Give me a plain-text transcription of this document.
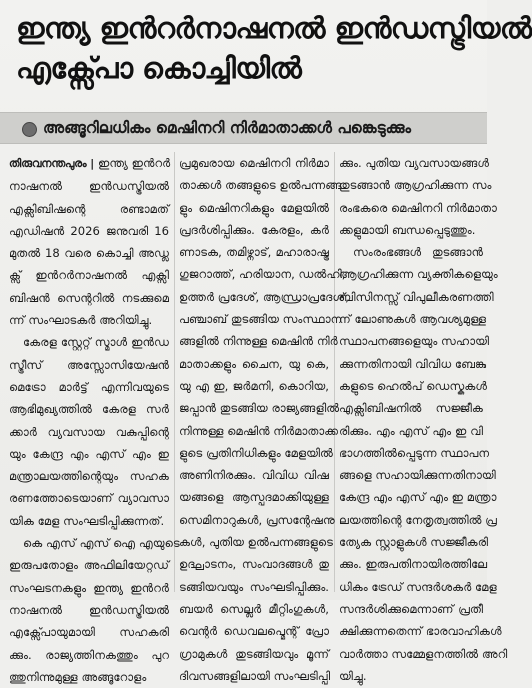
ഇന്ത്യ ഇൻറർനാഷനൽ ഇൻഡസ്ട്രിയൽ
എക്സ്പോ കൊച്ചിയിൽ
അങ്ങൂറിലധികം മെഷിനറി നിർമാതാക്കൾ പങ്കെടുക്കും
തിരുവനന്തപുരം | ഇന്ത്യ ഇൻറർ
നാഷനൽ ഇൻഡസ്ട്രിയൽ
എക്സിബിഷന്റെ രണ്ടാമത്
എഡിഷൻ 2026 ജനുവരി 16
മുതൽ 18 വരെ കൊച്ചി അഡ്ല
ക്സ് ഇൻറർനാഷനൽ എക്സി
ബിഷൻ സെന്ററിൽ നടക്കുമെ
ന്ന് സംഘാടകർ അറിയിച്ചു.
കേരള സ്റ്റേറ്റ് സ്മാൾ ഇൻഡ
സ്ട്രീസ് അസ്സോസിയേഷൻ
മെട്രോ മാർട്ട് എന്നിവയുടെ
ആഭിമുഖ്യത്തിൽ കേരള സർ
ക്കാർ വ്യവസായ വകുപ്പിന്റെ
യും കേന്ദ്ര എം എസ് എം ഇ
മന്ത്രാലയത്തിന്റെയും സഹക
രണത്തോടെയാണ് വ്യാവസാ
യിക മേള സംഘടിപ്പിക്കുന്നത്.
കെ എസ് എസ് ഐ എയുടെ
ഇരുപതോളം അഫിലിയേറ്റഡ്
സംഘടനകളും ഇന്ത്യ ഇൻറർ
നാഷനൽ ഇൻഡസ്ട്രിയൽ
എക്സ്പോയുമായി സഹകരി
ക്കും. രാജ്യത്തിനകത്തും പുറ
ത്തുനിന്നുമുള്ള അങ്ങൂറോളം
പ്രമുഖരായ മെഷിനറി നിർമാ
താക്കൾ തങ്ങളുടെ ഉൽപന്നങ്ങ
ളും മെഷിനറികളും മേളയിൽ
പ്രദർശിപ്പിക്കും. കേരളം, കർ
ണാടക, തമിഴ്നാട്, മഹാരാഷ്ട്ര
ഗുജറാത്ത്, ഹരിയാന, ഡൽഹി,
ഉത്തർ പ്രദേശ്, ആന്ധ്രാപ്രദേശ്,
പഞ്ചാബ് തുടങ്ങിയ സംസ്ഥാന
ങ്ങളിൽ നിന്നുള്ള മെഷിൻ നിർ
മാതാക്കളും ചൈന, യു കെ,
യു എ ഇ, ജർമനി, കൊറിയ,
ജപ്പാൻ തുടങ്ങിയ രാജ്യങ്ങളിൽ
നിന്നുള്ള മെഷിൻ നിർമാതാക്ക
ളുടെ പ്രതിനിധികളും മേളയിൽ
അണിനിരക്കും. വിവിധ വിഷ
യങ്ങളെ ആസ്പദമാക്കിയുള്ള
സെമിനാറുകൾ, പ്രസന്റേഷനു
കൾ, പുതിയ ഉൽപന്നങ്ങളുടെ
ഉദ്ഘാടനം, സംവാദങ്ങൾ തു
ടങ്ങിയവയും സംഘടിപ്പിക്കും.
ബയർ സെല്ലർ മീറ്റിംഗുകൾ,
വെന്റർ ഡെവലപ്മെന്റ് പ്രോ
ഗ്രാമുകൾ തുടങ്ങിയവും മൂന്ന്
ദിവസങ്ങളിലായി സംഘടിപ്പി
ക്കും. പുതിയ വ്യവസായങ്ങൾ
തുടങ്ങാൻ ആഗ്രഹിക്കുന്ന സം
രംഭകരെ മെഷിനറി നിർമാതാ
ക്കളുമായി ബന്ധപ്പെടുത്തും.
സംരംഭങ്ങൾ തുടങ്ങാൻ
ആഗ്രഹിക്കുന്ന വ്യക്തികളെയും
ബിസിനസ്സ് വിപുലീകരണത്തി
ന് ലോണുകൾ ആവശ്യമുള്ള
സ്ഥാപനങ്ങളെയും സഹായി
ക്കുന്നതിനായി വിവിധ ബേങ്കു
കളുടെ ഹെൽപ് ഡെസ്കുകൾ
എക്സിബിഷനിൽ സജ്ജീക
രിക്കും. എം എസ് എം ഇ വി
ഭാഗത്തിൽപ്പെടുന്ന സ്ഥാപന
ങ്ങളെ സഹായിക്കുന്നതിനായി
കേന്ദ്ര എം എസ് എം ഇ മന്ത്രാ
ലയത്തിന്റെ നേതൃത്വത്തിൽ പ്ര
ത്യേക സ്റ്റാളുകൾ സജ്ജീകരി
ക്കും. ഇരുപതിനായിരത്തിലേ
ധികം ട്രേഡ് സന്ദർശകർ മേള
സന്ദർശിക്കുമെന്നാണ് പ്രതീ
ക്ഷിക്കുന്നതെന്ന് ഭാരവാഹികൾ
വാർത്താ സമ്മേളനത്തിൽ അറി
യിച്ചു.
